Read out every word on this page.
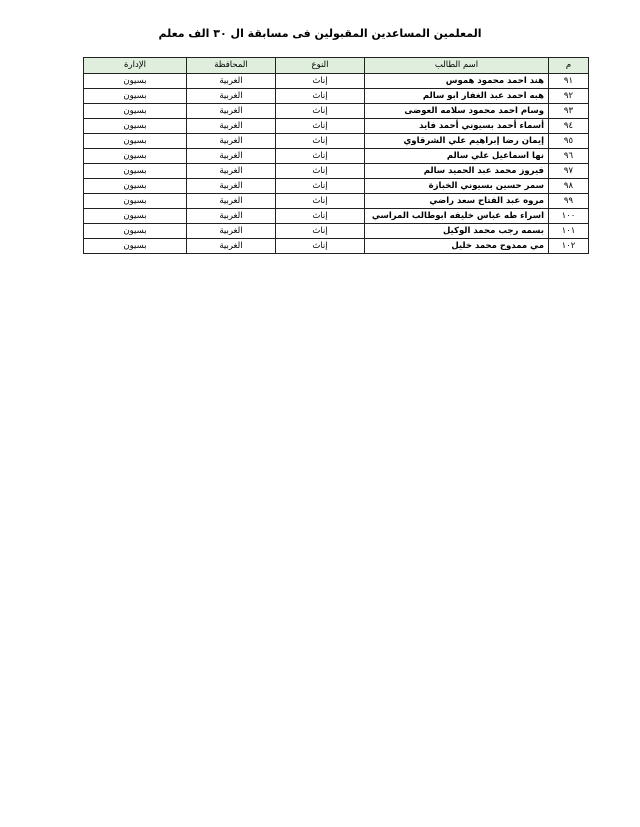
المعلمين المساعدين المقبولين فى مسابقة ال ٣٠ الف معلم
م	اسم الطالب	النوع	المحافظة	الإدارة
٩١	هند احمد محمود هموس	إناث	الغربية	بسيون
٩٢	هبه احمد عبد الغفار ابو سالم	إناث	الغربية	بسيون
٩٣	وسام احمد محمود سلامه العوضى	إناث	الغربية	بسيون
٩٤	أسماء أحمد بسيوني أحمد فايد	إناث	الغربية	بسيون
٩٥	إيمان رضا إبراهيم علي الشرقاوي	إناث	الغربية	بسيون
٩٦	نها اسماعيل علي سالم	إناث	الغربية	بسيون
٩٧	فيروز محمد عبد الحميد سالم	إناث	الغربية	بسيون
٩٨	سمر حسين بسيوني الخبازة	إناث	الغربية	بسيون
٩٩	مروه عبد الفتاح سعد راضي	إناث	الغربية	بسيون
١٠٠	اسراء طه عباس خليفه ابوطالب المراسي	إناث	الغربية	بسيون
١٠١	بسمه رجب محمد الوكيل	إناث	الغربية	بسيون
١٠٢	مي ممدوح محمد خليل	إناث	الغربية	بسيون
